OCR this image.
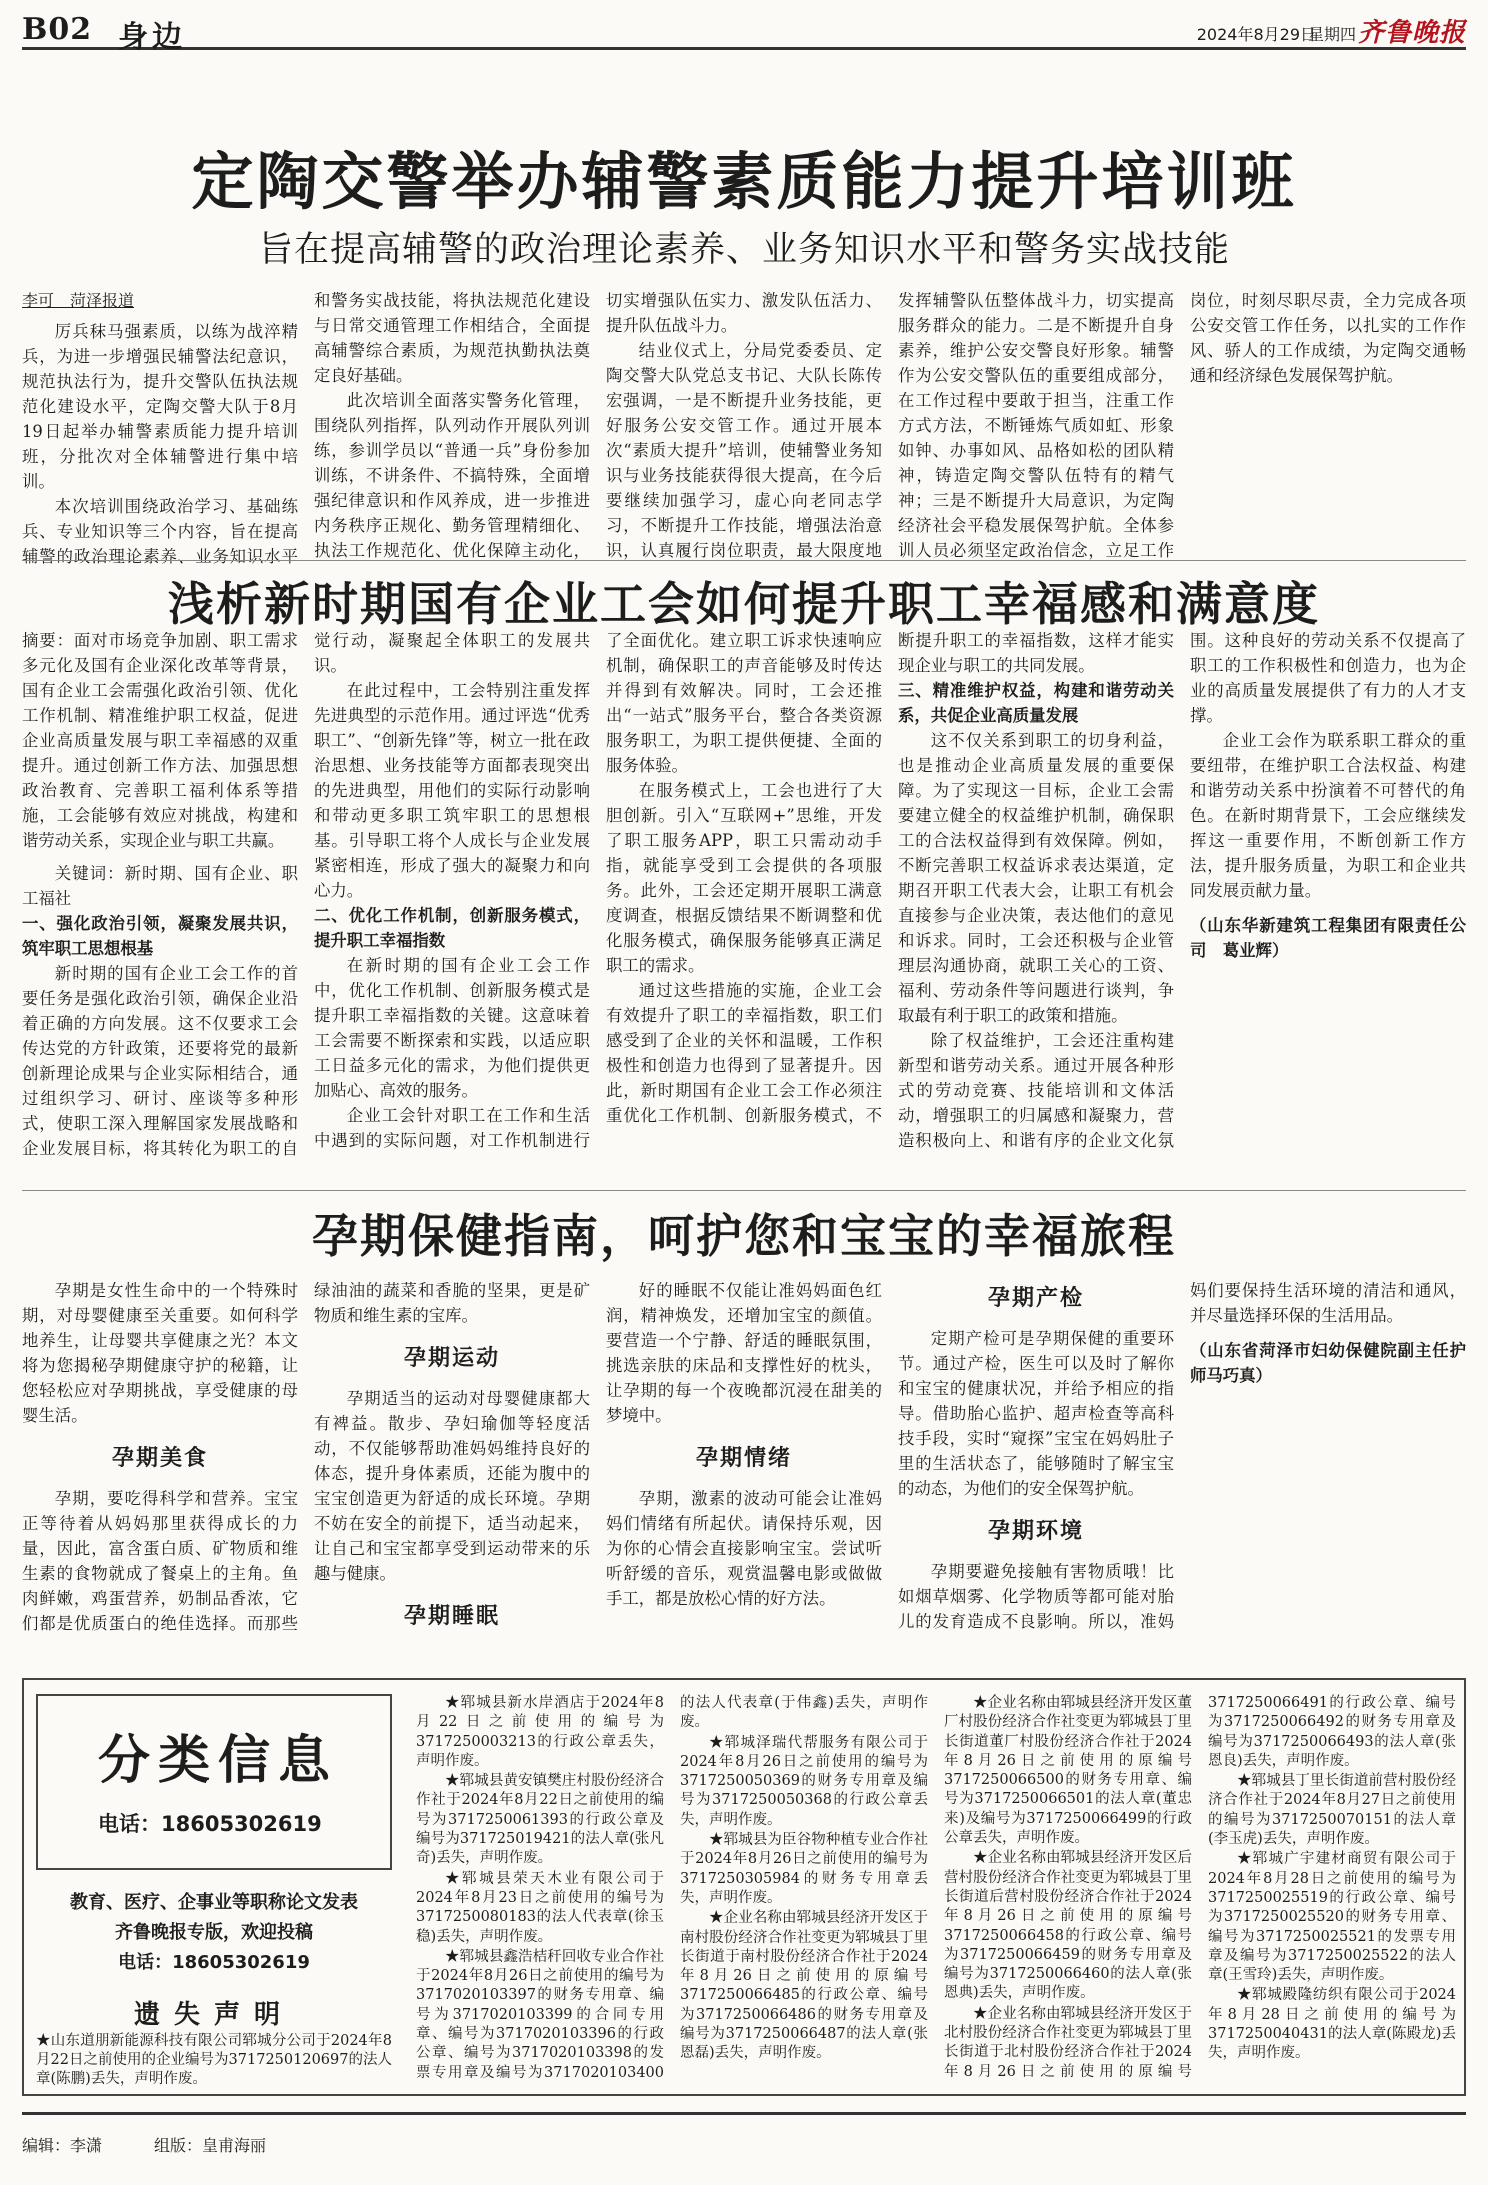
B02 身边	2024年8月29日
星期四 齐鲁晚报
定陶交警举办辅警素质能力提升培训班
旨在提高辅警的政治理论素养、业务知识水平和警务实战技能

李可　菏泽报道

厉兵秣马强素质，以练为战淬精兵，为进一步增强民辅警法纪意识，规范执法行为，提升交警队伍执法规范化建设水平，定陶交警大队于8月19日起举办辅警素质能力提升培训班，分批次对全体辅警进行集中培训。

本次培训围绕政治学习、基础练兵、专业知识等三个内容，旨在提高辅警的政治理论素养、业务知识水平和警务实战技能，将执法规范化建设与日常交通管理工作相结合，全面提高辅警综合素质，为规范执勤执法奠定良好基础。

此次培训全面落实警务化管理，围绕队列指挥，队列动作开展队列训练，参训学员以“普通一兵”身份参加训练，不讲条件、不搞特殊，全面增强纪律意识和作风养成，进一步推进内务秩序正规化、勤务管理精细化、执法工作规范化、优化保障主动化，切实增强队伍实力、激发队伍活力、提升队伍战斗力。

结业仪式上，分局党委委员、定陶交警大队党总支书记、大队长陈传宏强调，一是不断提升业务技能，更好服务公安交管工作。通过开展本次“素质大提升”培训，使辅警业务知识与业务技能获得很大提高，在今后要继续加强学习，虚心向老同志学习，不断提升工作技能，增强法治意识，认真履行岗位职责，最大限度地发挥辅警队伍整体战斗力，切实提高服务群众的能力。二是不断提升自身素养，维护公安交警良好形象。辅警作为公安交警队伍的重要组成部分，在工作过程中要敢于担当，注重工作方式方法，不断锤炼气质如虹、形象如钟、办事如风、品格如松的团队精神，铸造定陶交警队伍特有的精气神；三是不断提升大局意识，为定陶经济社会平稳发展保驾护航。全体参训人员必须坚定政治信念，立足工作岗位，时刻尽职尽责，全力完成各项公安交管工作任务，以扎实的工作作风、骄人的工作成绩，为定陶交通畅通和经济绿色发展保驾护航。

浅析新时期国有企业工会如何提升职工幸福感和满意度

摘要：面对市场竞争加剧、职工需求多元化及国有企业深化改革等背景，国有企业工会需强化政治引领、优化工作机制、精准维护职工权益，促进企业高质量发展与职工幸福感的双重提升。通过创新工作方法、加强思想政治教育、完善职工福利体系等措施，工会能够有效应对挑战，构建和谐劳动关系，实现企业与职工共赢。

关键词：新时期、国有企业、职工福社

一、强化政治引领，凝聚发展共识，筑牢职工思想根基

新时期的国有企业工会工作的首要任务是强化政治引领，确保企业沿着正确的方向发展。这不仅要求工会传达党的方针政策，还要将党的最新创新理论成果与企业实际相结合，通过组织学习、研讨、座谈等多种形式，使职工深入理解国家发展战略和企业发展目标，将其转化为职工的自觉行动，凝聚起全体职工的发展共识。

在此过程中，工会特别注重发挥先进典型的示范作用。通过评选“优秀职工”、“创新先锋”等，树立一批在政治思想、业务技能等方面都表现突出的先进典型，用他们的实际行动影响和带动更多职工筑牢职工的思想根基。引导职工将个人成长与企业发展紧密相连，形成了强大的凝聚力和向心力。

二、优化工作机制，创新服务模式，提升职工幸福指数

在新时期的国有企业工会工作中，优化工作机制、创新服务模式是提升职工幸福指数的关键。这意味着工会需要不断探索和实践，以适应职工日益多元化的需求，为他们提供更加贴心、高效的服务。

企业工会针对职工在工作和生活中遇到的实际问题，对工作机制进行了全面优化。建立职工诉求快速响应机制，确保职工的声音能够及时传达并得到有效解决。同时，工会还推出“一站式”服务平台，整合各类资源服务职工，为职工提供便捷、全面的服务体验。

在服务模式上，工会也进行了大胆创新。引入“互联网+”思维，开发了职工服务APP，职工只需动动手指，就能享受到工会提供的各项服务。此外，工会还定期开展职工满意度调查，根据反馈结果不断调整和优化服务模式，确保服务能够真正满足职工的需求。

通过这些措施的实施，企业工会有效提升了职工的幸福指数，职工们感受到了企业的关怀和温暖，工作积极性和创造力也得到了显著提升。因此，新时期国有企业工会工作必须注重优化工作机制、创新服务模式，不断提升职工的幸福指数，这样才能实现企业与职工的共同发展。

三、精准维护权益，构建和谐劳动关系，共促企业高质量发展

这不仅关系到职工的切身利益，也是推动企业高质量发展的重要保障。为了实现这一目标，企业工会需要建立健全的权益维护机制，确保职工的合法权益得到有效保障。例如，不断完善职工权益诉求表达渠道，定期召开职工代表大会，让职工有机会直接参与企业决策，表达他们的意见和诉求。同时，工会还积极与企业管理层沟通协商，就职工关心的工资、福利、劳动条件等问题进行谈判，争取最有利于职工的政策和措施。

除了权益维护，工会还注重构建新型和谐劳动关系。通过开展各种形式的劳动竞赛、技能培训和文体活动，增强职工的归属感和凝聚力，营造积极向上、和谐有序的企业文化氛围。这种良好的劳动关系不仅提高了职工的工作积极性和创造力，也为企业的高质量发展提供了有力的人才支撑。

企业工会作为联系职工群众的重要纽带，在维护职工合法权益、构建和谐劳动关系中扮演着不可替代的角色。在新时期背景下，工会应继续发挥这一重要作用，不断创新工作方法，提升服务质量，为职工和企业共同发展贡献力量。

（山东华新建筑工程集团有限责任公司　葛业辉）

孕期保健指南，呵护您和宝宝的幸福旅程

孕期是女性生命中的一个特殊时期，对母婴健康至关重要。如何科学地养生，让母婴共享健康之光？本文将为您揭秘孕期健康守护的秘籍，让您轻松应对孕期挑战，享受健康的母婴生活。

孕期美食

孕期，要吃得科学和营养。宝宝正等待着从妈妈那里获得成长的力量，因此，富含蛋白质、矿物质和维生素的食物就成了餐桌上的主角。鱼肉鲜嫩，鸡蛋营养，奶制品香浓，它们都是优质蛋白的绝佳选择。而那些绿油油的蔬菜和香脆的坚果，更是矿物质和维生素的宝库。

孕期运动

孕期适当的运动对母婴健康都大有裨益。散步、孕妇瑜伽等轻度活动，不仅能够帮助准妈妈维持良好的体态，提升身体素质，还能为腹中的宝宝创造更为舒适的成长环境。孕期不妨在安全的前提下，适当动起来，让自己和宝宝都享受到运动带来的乐趣与健康。

孕期睡眠

好的睡眠不仅能让准妈妈面色红润，精神焕发，还增加宝宝的颜值。要营造一个宁静、舒适的睡眠氛围，挑选亲肤的床品和支撑性好的枕头，让孕期的每一个夜晚都沉浸在甜美的梦境中。

孕期情绪

孕期，激素的波动可能会让准妈妈们情绪有所起伏。请保持乐观，因为你的心情会直接影响宝宝。尝试听听舒缓的音乐，观赏温馨电影或做做手工，都是放松心情的好方法。

孕期产检

定期产检可是孕期保健的重要环节。通过产检，医生可以及时了解你和宝宝的健康状况，并给予相应的指导。借助胎心监护、超声检查等高科技手段，实时“窥探”宝宝在妈妈肚子里的生活状态了，能够随时了解宝宝的动态，为他们的安全保驾护航。

孕期环境

孕期要避免接触有害物质哦！比如烟草烟雾、化学物质等都可能对胎儿的发育造成不良影响。所以，准妈妈们要保持生活环境的清洁和通风，并尽量选择环保的生活用品。

（山东省菏泽市妇幼保健院副主任护师马巧真）

分类信息
电话：18605302619
教育、医疗、企事业等职称论文发表
齐鲁晚报专版，欢迎投稿
电话：18605302619
遗失声明
★山东道朋新能源科技有限公司郓城分公司于2024年8月22日之前使用的企业编号为3717250120697的法人章(陈鹏)丢失，声明作废。

★郓城县新水岸酒店于2024年8月22日之前使用的编号为3717250003213的行政公章丢失，声明作废。

★郓城县黄安镇樊庄村股份经济合作社于2024年8月22日之前使用的编号为3717250061393的行政公章及编号为3717250194​21的法人章(张凡奇)丢失，声明作废。

★郓城县荣天木业有限公司于2024年8月23日之前使用的编号为3717250080183的法人代表章(徐玉稳)丢失，声明作废。

★郓城县鑫浩桔秆回收专业合作社于2024年8月26日之前使用的编号为371702010339​7的财务专用章、编号为3717020103399的合同专用章、编号为3717020103396的行政公章、编号为3717020103398的发票专用章及编号为3717020103400的法人代表章(于伟鑫)丢失，声明作废。

★郓城泽瑞代帮服务有限公司于2024年8月26日之前使用的编号为3717250050369的财务专用章及编号为3717250050368的行政公章丢失，声明作废。

★郓城县为臣谷物种植专业合作社于2024年8月26日之前使用的编号为3717250305984的财务专用章丢失，声明作废。

★企业名称由郓城县经济开发区于南村股份经济合作社变更为郓城县丁里长街道于南村股份经济合作社于2024年8月26日之前使用的原编号3717250066485的行政公章、编号为3717250066486的财务专用章及编号为3717250066487的法人章(张恩磊)丢失，声明作废。

★企业名称由郓城县经济开发区董厂村股份经济合作社变更为郓城县丁里长街道董厂村股份经济合作社于2024年8月26日之前使用的原编号3717250066500的财务专用章、编号为3717250066501的法人章(董忠来)及编号为3717250066499的行政公章丢失，声明作废。

★企业名称由郓城县经济开发区后营村股份经济合作社变更为郓城县丁里长街道后营村股份经济合作社于2024年8月26日之前使用的原编号3717250066458的行政公章、编号为3717250066459的财务专用章及编号为3717250066460的法人章(张恩典)丢失，声明作废。

★企业名称由郓城县经济开发区于北村股份经济合作社变更为郓城县丁里长街道于北村股份经济合作社于2024年8月26日之前使用的原编号3717250066491的行政公章、编号为3717250066492的财务专用章及编号为3717250066493的法人章(张恩良)丢失，声明作废。

★郓城县丁里长街道前营村股份经济合作社于2024年8月27日之前使用的编号为3717250070151的法人章(李玉虎)丢失，声明作废。

★郓城广宇建材商贸有限公司于2024年8月28日之前使用的编号为3717250025519的行政公章、编号为3717250025520的财务专用章、编号为3717250025521的发票专用章及编号为3717250025522的法人章(王雪玲)丢失，声明作废。

★郓城殿隆纺织有限公司于2024年8月28日之前使用的编号为3717250040431的法人章(陈殿龙)丢失，声明作废。

编辑：李潇	组版：皇甫海丽
